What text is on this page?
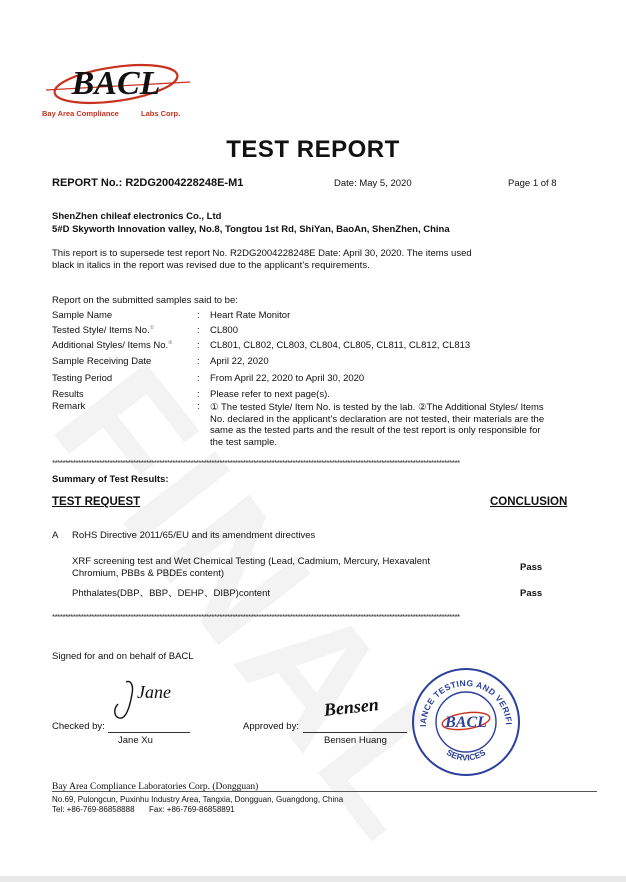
BACL
Bay Area Compliance	Labs Corp.
TEST REPORT
REPORT No.: R2DG2004228248E-M1	Date: May 5, 2020	Page 1 of 8
ShenZhen chileaf electronics Co., Ltd
5#D Skyworth Innovation valley, No.8, Tongtou 1st Rd, ShiYan, BaoAn, ShenZhen, China
This report is to supersede test report No. R2DG2004228248E Date: April 30, 2020. The items used
black in italics in the report was revised due to the applicant’s requirements.
Report on the submitted samples said to be:
Sample Name	: Heart Rate Monitor
Tested Style/ Items No.①	: CL800
Additional Styles/ Items No.②	: CL801, CL802, CL803, CL804, CL805, CL811, CL812, CL813
Sample Receiving Date	: April 22, 2020
Testing Period	: From April 22, 2020 to April 30, 2020
Results	: Please refer to next page(s).
Remark	: ① The tested Style/ Item No. is tested by the lab. ②The Additional Styles/ Items
No. declared in the applicant’s declaration are not tested, their materials are the
same as the tested parts and the result of the test report is only responsible for
the test sample.
************************************************************************************************************************************************************
Summary of Test Results:
TEST REQUEST	CONCLUSION
A RoHS Directive 2011/65/EU and its amendment directives
XRF screening test and Wet Chemical Testing (Lead, Cadmium, Mercury, Hexavalent
Chromium, PBBs & PBDEs content)	Pass
Phthalates(DBP、BBP、DEHP、DIBP)content	Pass
************************************************************************************************************************************************************
Signed for and on behalf of BACL
Jane
Checked by:
Jane Xu
Bensen
Approved by:
Bensen Huang
IANCE TESTING AND VERIFI
SERVICES
BACL
Bay Area Compliance Laboratories Corp. (Dongguan)
No.69, Pulongcun, Puxinhu Industry Area, Tangxia, Dongguan, Guangdong, China
Tel: +86-769-86858888 Fax: +86-769-86858891
